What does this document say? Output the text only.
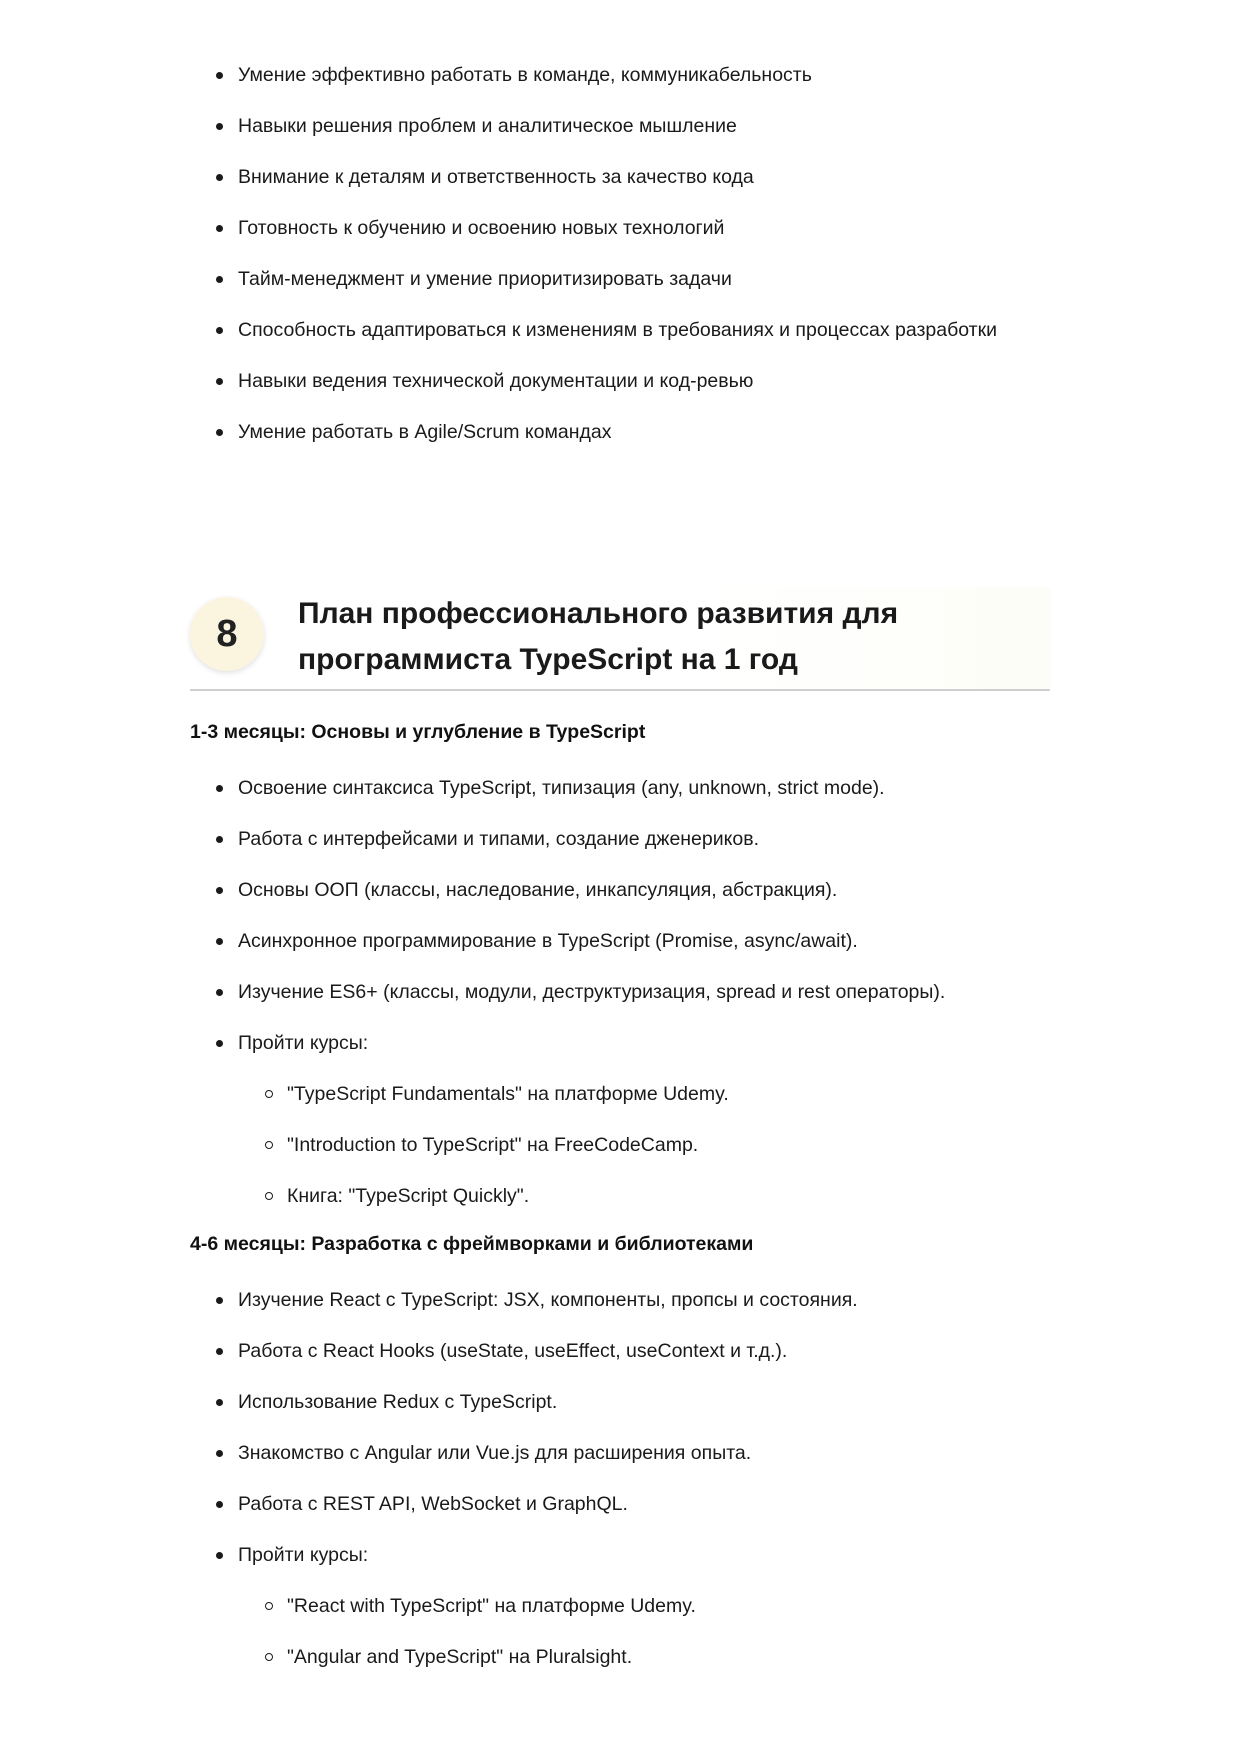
Умение эффективно работать в команде, коммуникабельность
Навыки решения проблем и аналитическое мышление
Внимание к деталям и ответственность за качество кода
Готовность к обучению и освоению новых технологий
Тайм-менеджмент и умение приоритизировать задачи
Способность адаптироваться к изменениям в требованиях и процессах разработки
Навыки ведения технической документации и код-ревью
Умение работать в Agile/Scrum командах
8	План профессионального развития для
программиста TypeScript на 1 год
1-3 месяцы: Основы и углубление в TypeScript
Освоение синтаксиса TypeScript, типизация (any, unknown, strict mode).
Работа с интерфейсами и типами, создание дженериков.
Основы ООП (классы, наследование, инкапсуляция, абстракция).
Асинхронное программирование в TypeScript (Promise, async/await).
Изучение ES6+ (классы, модули, деструктуризация, spread и rest операторы).
Пройти курсы:
"TypeScript Fundamentals" на платформе Udemy.
"Introduction to TypeScript" на FreeCodeCamp.
Книга: "TypeScript Quickly".
4-6 месяцы: Разработка с фреймворками и библиотеками
Изучение React с TypeScript: JSX, компоненты, пропсы и состояния.
Работа с React Hooks (useState, useEffect, useContext и т.д.).
Использование Redux с TypeScript.
Знакомство с Angular или Vue.js для расширения опыта.
Работа с REST API, WebSocket и GraphQL.
Пройти курсы:
"React with TypeScript" на платформе Udemy.
"Angular and TypeScript" на Pluralsight.
